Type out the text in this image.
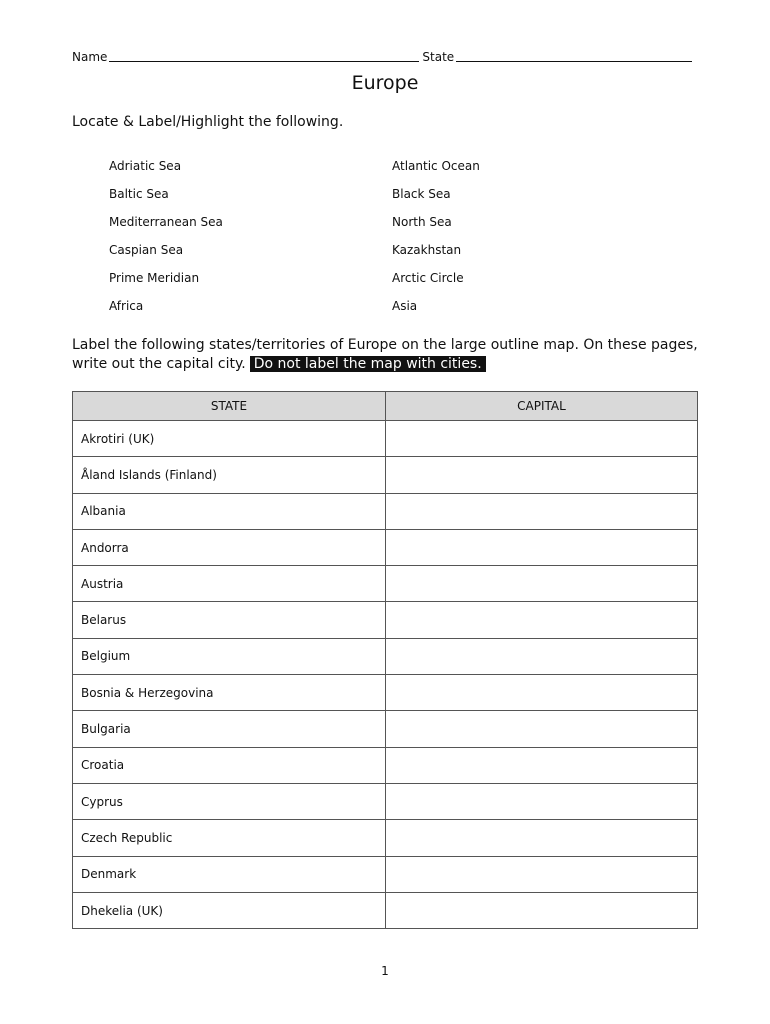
Name	State
Europe
Locate & Label/Highlight the following.
Adriatic Sea	Atlantic Ocean
Baltic Sea	Black Sea
Mediterranean Sea	North Sea
Caspian Sea	Kazakhstan
Prime Meridian	Arctic Circle
Africa	Asia
Label the following states/territories of Europe on the large outline map. On these pages, write out the capital city. Do not label the map with cities.
STATE	CAPITAL
Akrotiri (UK)	
Åland Islands (Finland)	
Albania	
Andorra	
Austria	
Belarus	
Belgium	
Bosnia & Herzegovina	
Bulgaria	
Croatia	
Cyprus	
Czech Republic	
Denmark	
Dhekelia (UK)	
1
